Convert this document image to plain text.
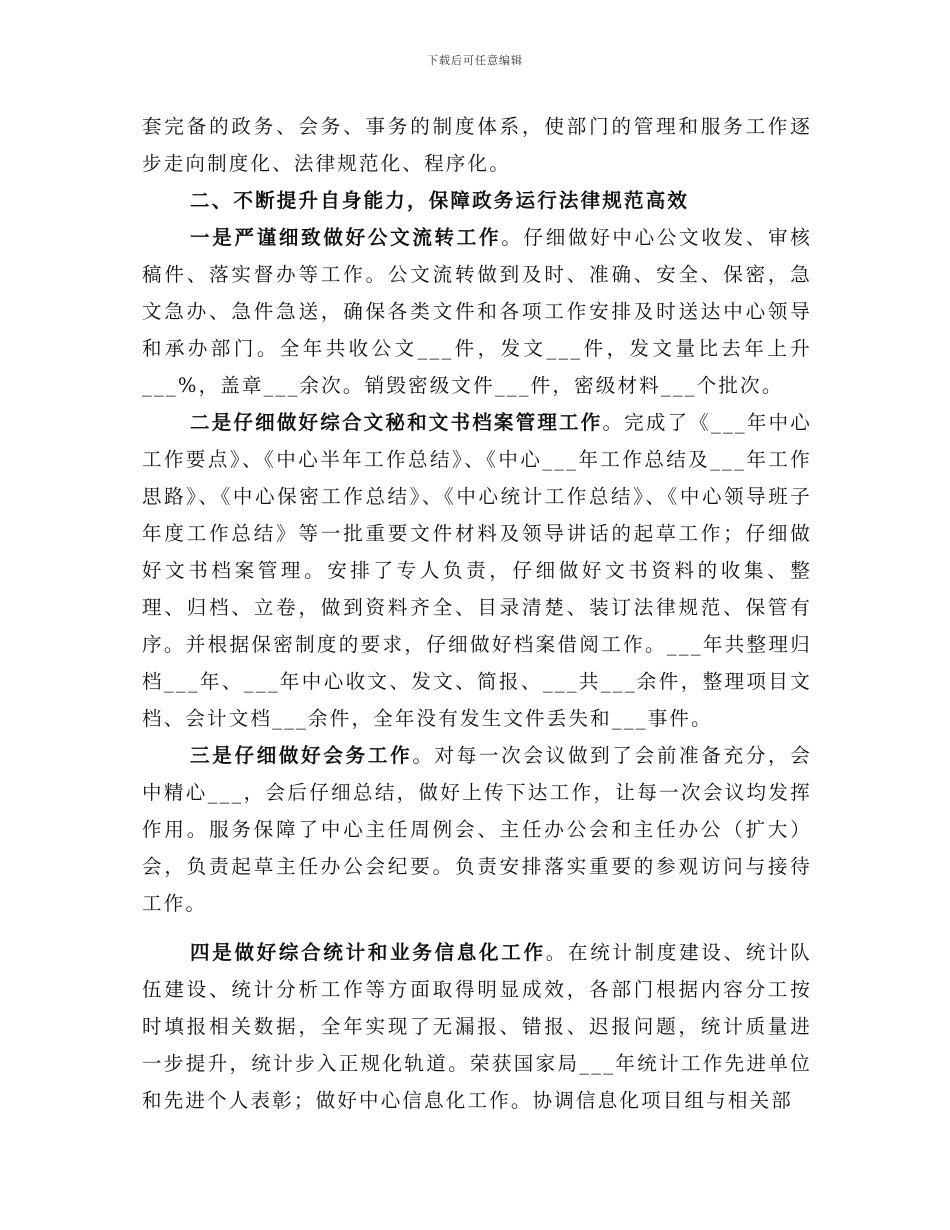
下载后可任意编辑

套完备的政务、会务、事务的制度体系，使部门的管理和服务工作逐步走向制度化、法律规范化、程序化。

二、不断提升自身能力，保障政务运行法律规范高效

一是严谨细致做好公文流转工作。仔细做好中心公文收发、审核稿件、落实督办等工作。公文流转做到及时、准确、安全、保密，急文急办、急件急送，确保各类文件和各项工作安排及时送达中心领导和承办部门。全年共收公文___件，发文___件，发文量比去年上升___%，盖章___余次。销毁密级文件___件，密级材料___个批次。

二是仔细做好综合文秘和文书档案管理工作。完成了《___年中心工作要点》、《中心半年工作总结》、《中心___年工作总结及___年工作思路》、《中心保密工作总结》、《中心统计工作总结》、《中心领导班子年度工作总结》等一批重要文件材料及领导讲话的起草工作；仔细做好文书档案管理。安排了专人负责，仔细做好文书资料的收集、整理、归档、立卷，做到资料齐全、目录清楚、装订法律规范、保管有序。并根据保密制度的要求，仔细做好档案借阅工作。___年共整理归档___年、___年中心收文、发文、简报、___共___余件，整理项目文档、会计文档___余件，全年没有发生文件丢失和___事件。

三是仔细做好会务工作。对每一次会议做到了会前准备充分，会中精心___，会后仔细总结，做好上传下达工作，让每一次会议均发挥作用。服务保障了中心主任周例会、主任办公会和主任办公（扩大）会，负责起草主任办公会纪要。负责安排落实重要的参观访问与接待工作。

四是做好综合统计和业务信息化工作。在统计制度建设、统计队伍建设、统计分析工作等方面取得明显成效，各部门根据内容分工按时填报相关数据，全年实现了无漏报、错报、迟报问题，统计质量进一步提升，统计步入正规化轨道。荣获国家局___年统计工作先进单位和先进个人表彰；做好中心信息化工作。协调信息化项目组与相关部
